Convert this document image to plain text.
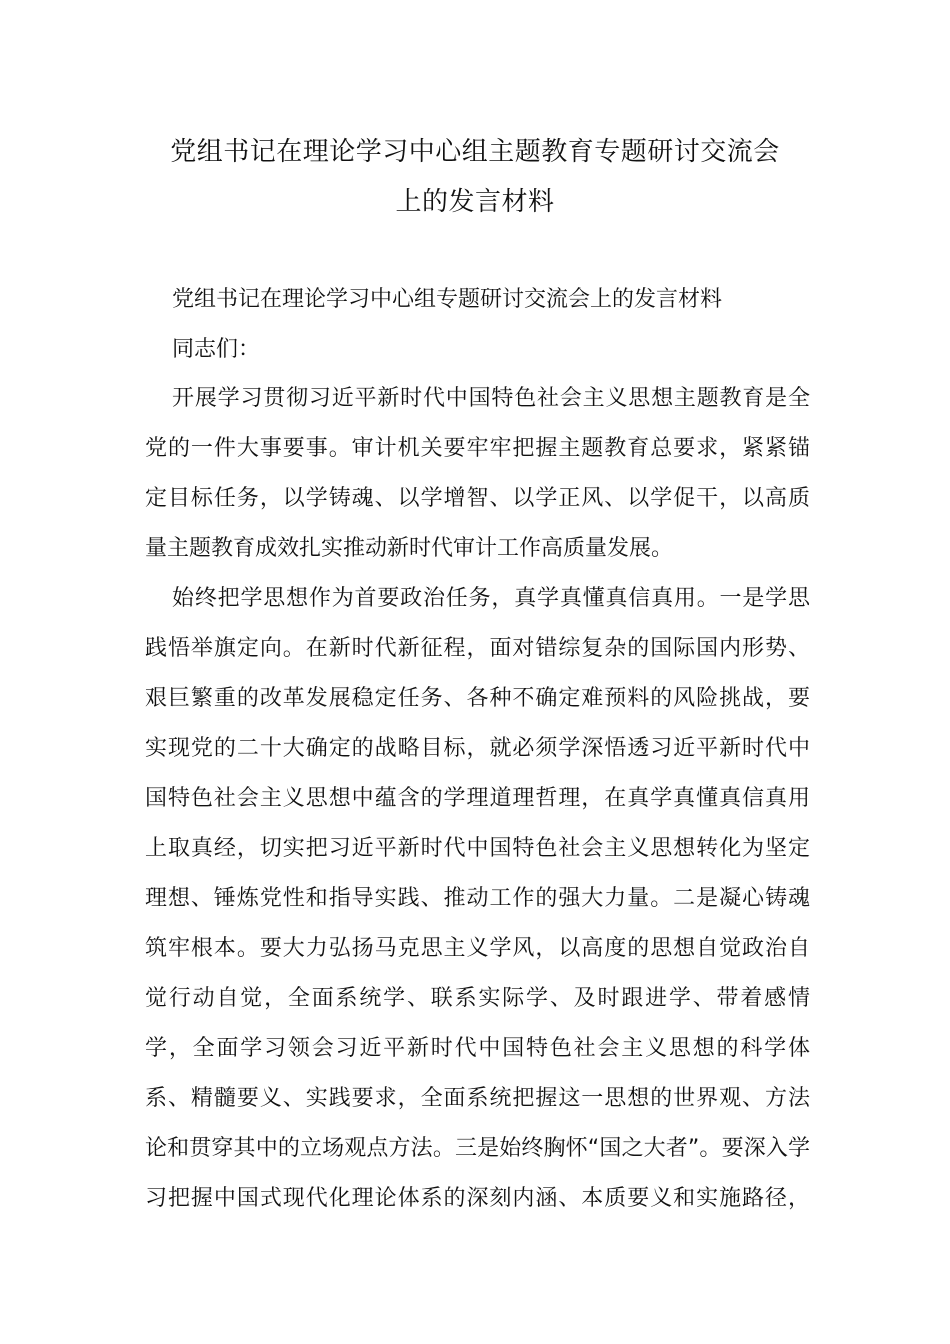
党组书记在理论学习中心组主题教育专题研讨交流会
上的发言材料
党组书记在理论学习中心组专题研讨交流会上的发言材料
同志们：
开展学习贯彻习近平新时代中国特色社会主义思想主题教育是全
党的一件大事要事。审计机关要牢牢把握主题教育总要求，紧紧锚
定目标任务，以学铸魂、以学增智、以学正风、以学促干，以高质
量主题教育成效扎实推动新时代审计工作高质量发展。
始终把学思想作为首要政治任务，真学真懂真信真用。一是学思
践悟举旗定向。在新时代新征程，面对错综复杂的国际国内形势、
艰巨繁重的改革发展稳定任务、各种不确定难预料的风险挑战，要
实现党的二十大确定的战略目标，就必须学深悟透习近平新时代中
国特色社会主义思想中蕴含的学理道理哲理，在真学真懂真信真用
上取真经，切实把习近平新时代中国特色社会主义思想转化为坚定
理想、锤炼党性和指导实践、推动工作的强大力量。二是凝心铸魂
筑牢根本。要大力弘扬马克思主义学风，以高度的思想自觉政治自
觉行动自觉，全面系统学、联系实际学、及时跟进学、带着感情
学，全面学习领会习近平新时代中国特色社会主义思想的科学体
系、精髓要义、实践要求，全面系统把握这一思想的世界观、方法
论和贯穿其中的立场观点方法。三是始终胸怀“国之大者”。要深入学
习把握中国式现代化理论体系的深刻内涵、本质要义和实施路径，
